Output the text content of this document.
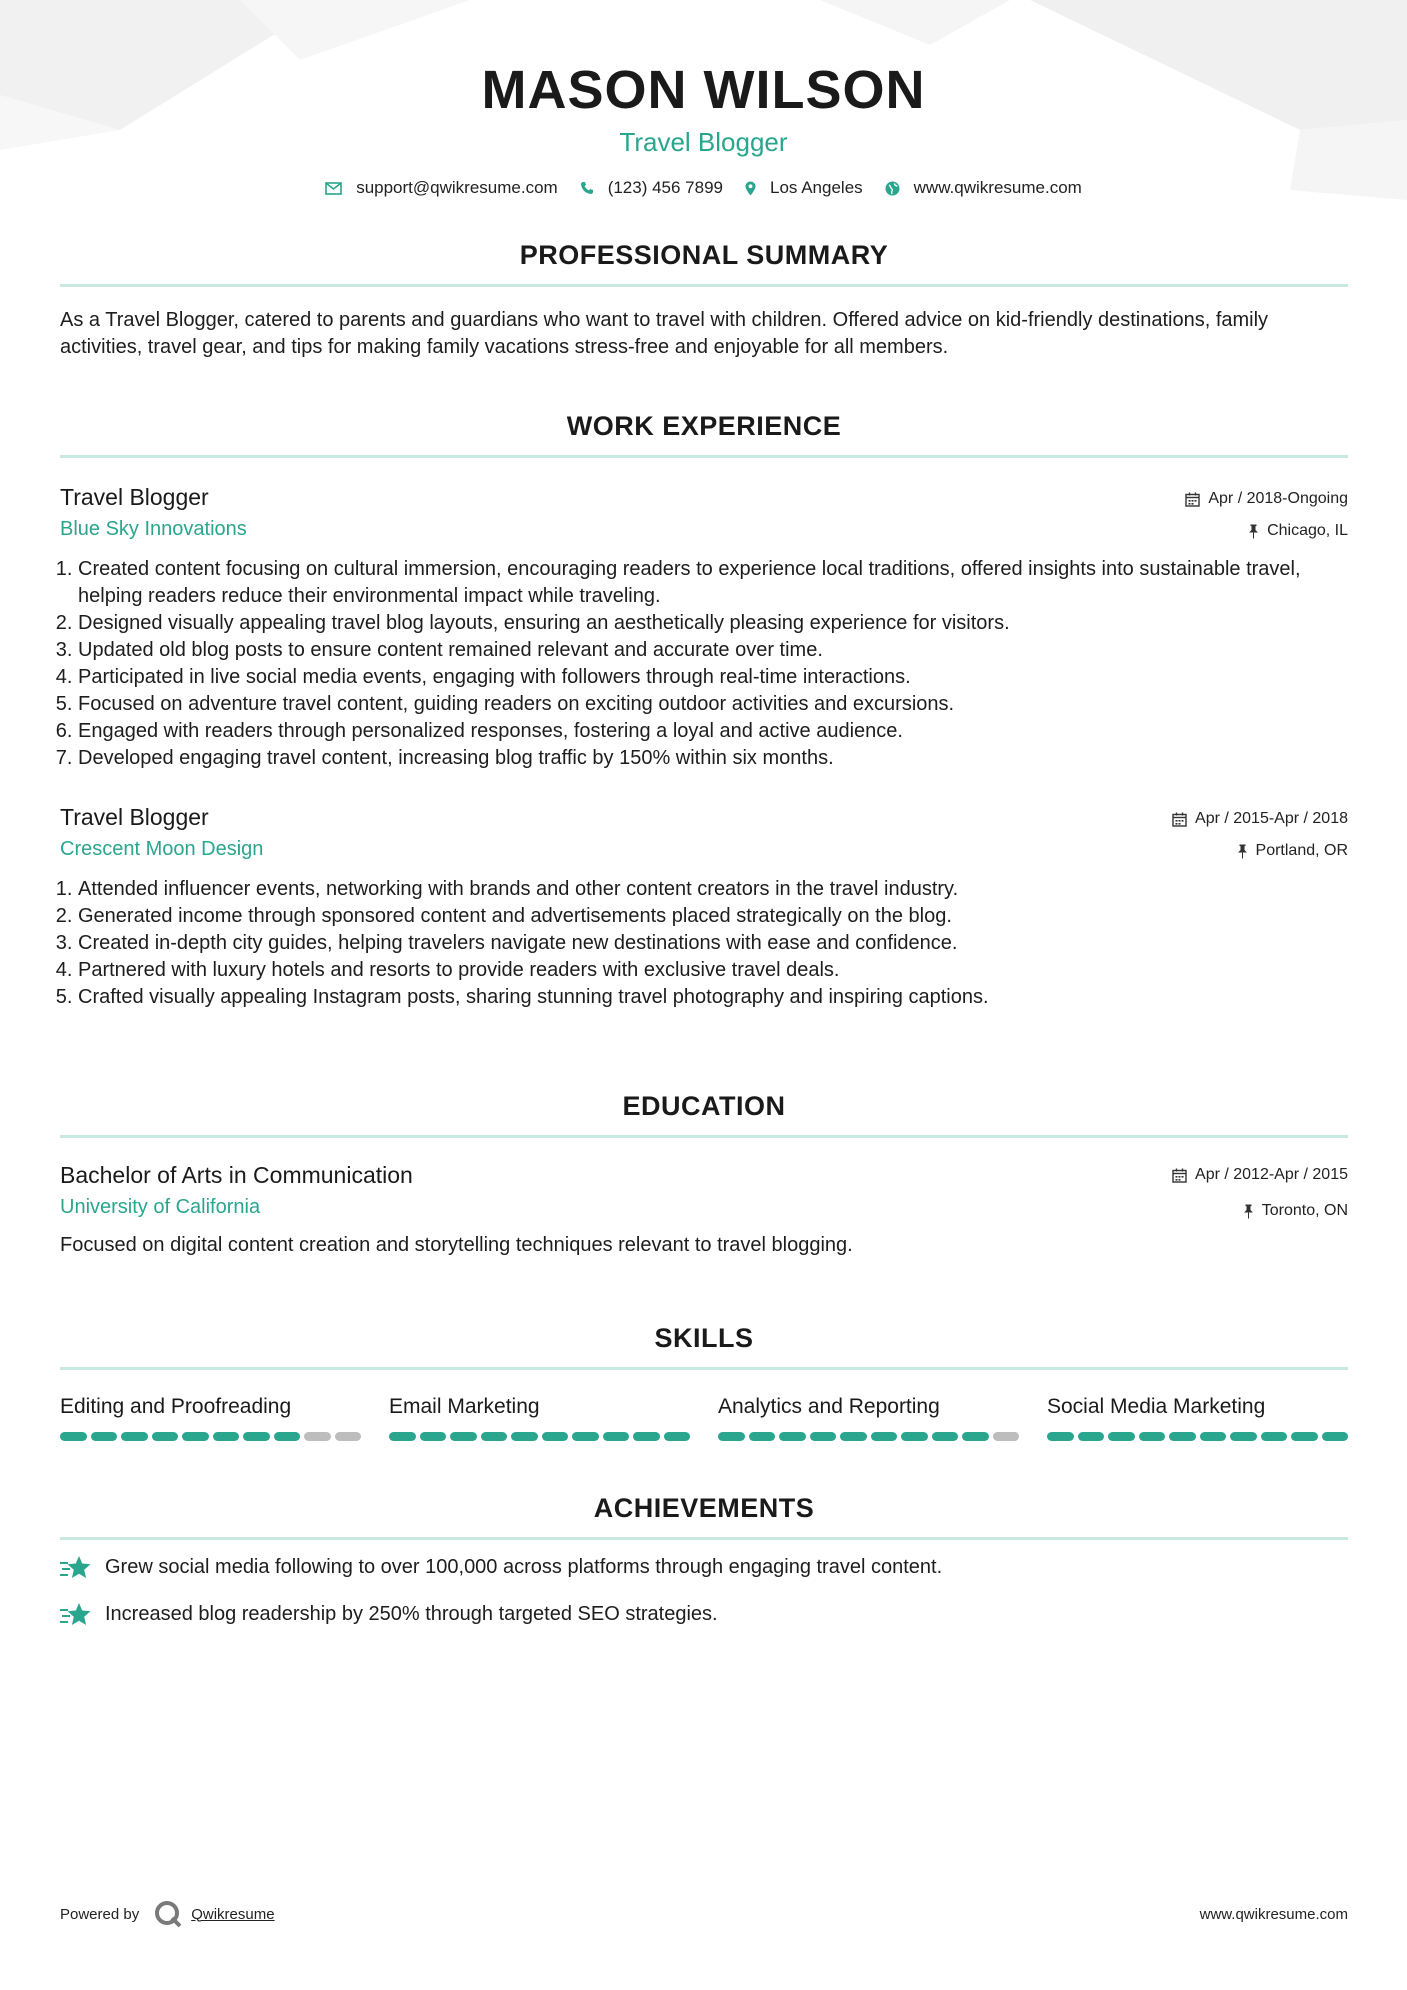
MASON WILSON
Travel Blogger
support@qwikresume.com	(123) 456 7899	Los Angeles	www.qwikresume.com
PROFESSIONAL SUMMARY
As a Travel Blogger, catered to parents and guardians who want to travel with children. Offered advice on kid-friendly destinations, family activities, travel gear, and tips for making family vacations stress-free and enjoyable for all members.
WORK EXPERIENCE
Travel Blogger
Blue Sky Innovations
Apr / 2018-Ongoing
Chicago, IL
1. Created content focusing on cultural immersion, encouraging readers to experience local traditions, offered insights into sustainable travel, helping readers reduce their environmental impact while traveling.
2. Designed visually appealing travel blog layouts, ensuring an aesthetically pleasing experience for visitors.
3. Updated old blog posts to ensure content remained relevant and accurate over time.
4. Participated in live social media events, engaging with followers through real-time interactions.
5. Focused on adventure travel content, guiding readers on exciting outdoor activities and excursions.
6. Engaged with readers through personalized responses, fostering a loyal and active audience.
7. Developed engaging travel content, increasing blog traffic by 150% within six months.
Travel Blogger
Crescent Moon Design
Apr / 2015-Apr / 2018
Portland, OR
1. Attended influencer events, networking with brands and other content creators in the travel industry.
2. Generated income through sponsored content and advertisements placed strategically on the blog.
3. Created in-depth city guides, helping travelers navigate new destinations with ease and confidence.
4. Partnered with luxury hotels and resorts to provide readers with exclusive travel deals.
5. Crafted visually appealing Instagram posts, sharing stunning travel photography and inspiring captions.
EDUCATION
Bachelor of Arts in Communication
University of California
Apr / 2012-Apr / 2015
Toronto, ON
Focused on digital content creation and storytelling techniques relevant to travel blogging.
SKILLS
Editing and Proofreading	Email Marketing	Analytics and Reporting	Social Media Marketing
ACHIEVEMENTS
Grew social media following to over 100,000 across platforms through engaging travel content.
Increased blog readership by 250% through targeted SEO strategies.
Powered by	Qwikresume	www.qwikresume.com
